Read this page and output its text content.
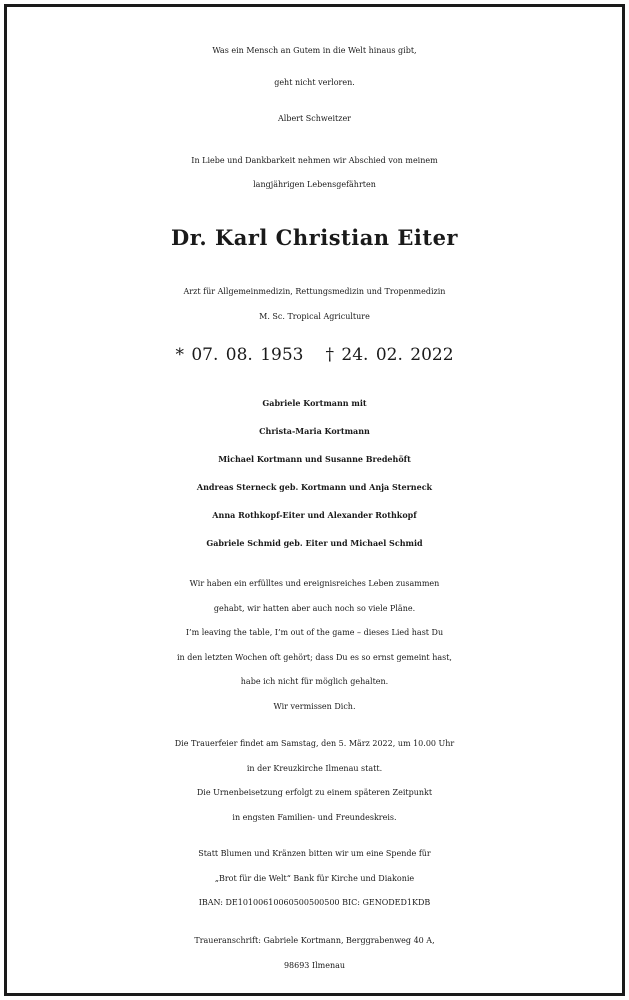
Was ein Mensch an Gutem in die Welt hinaus gibt,
geht nicht verloren.
Albert Schweitzer
In Liebe und Dankbarkeit nehmen wir Abschied von meinem
langjährigen Lebensgefährten
Dr. Karl Christian Eiter
Arzt für Allgemeinmedizin, Rettungsmedizin und Tropenmedizin
M. Sc. Tropical Agriculture
* 07. 08. 1953 † 24. 02. 2022
Gabriele Kortmann mit
Christa-Maria Kortmann
Michael Kortmann und Susanne Bredehöft
Andreas Sterneck geb. Kortmann und Anja Sterneck
Anna Rothkopf-Eiter und Alexander Rothkopf
Gabriele Schmid geb. Eiter und Michael Schmid
Wir haben ein erfülltes und ereignisreiches Leben zusammen
gehabt, wir hatten aber auch noch so viele Pläne.
I’m leaving the table, I’m out of the game – dieses Lied hast Du
in den letzten Wochen oft gehört; dass Du es so ernst gemeint hast,
habe ich nicht für möglich gehalten.
Wir vermissen Dich.
Die Trauerfeier findet am Samstag, den 5. März 2022, um 10.00 Uhr
in der Kreuzkirche Ilmenau statt.
Die Urnenbeisetzung erfolgt zu einem späteren Zeitpunkt
in engsten Familien- und Freundeskreis.
Statt Blumen und Kränzen bitten wir um eine Spende für
„Brot für die Welt“ Bank für Kirche und Diakonie
IBAN: DE10100610060500500500 BIC: GENODED1KDB
Traueranschrift: Gabriele Kortmann, Berggrabenweg 40 A,
98693 Ilmenau
